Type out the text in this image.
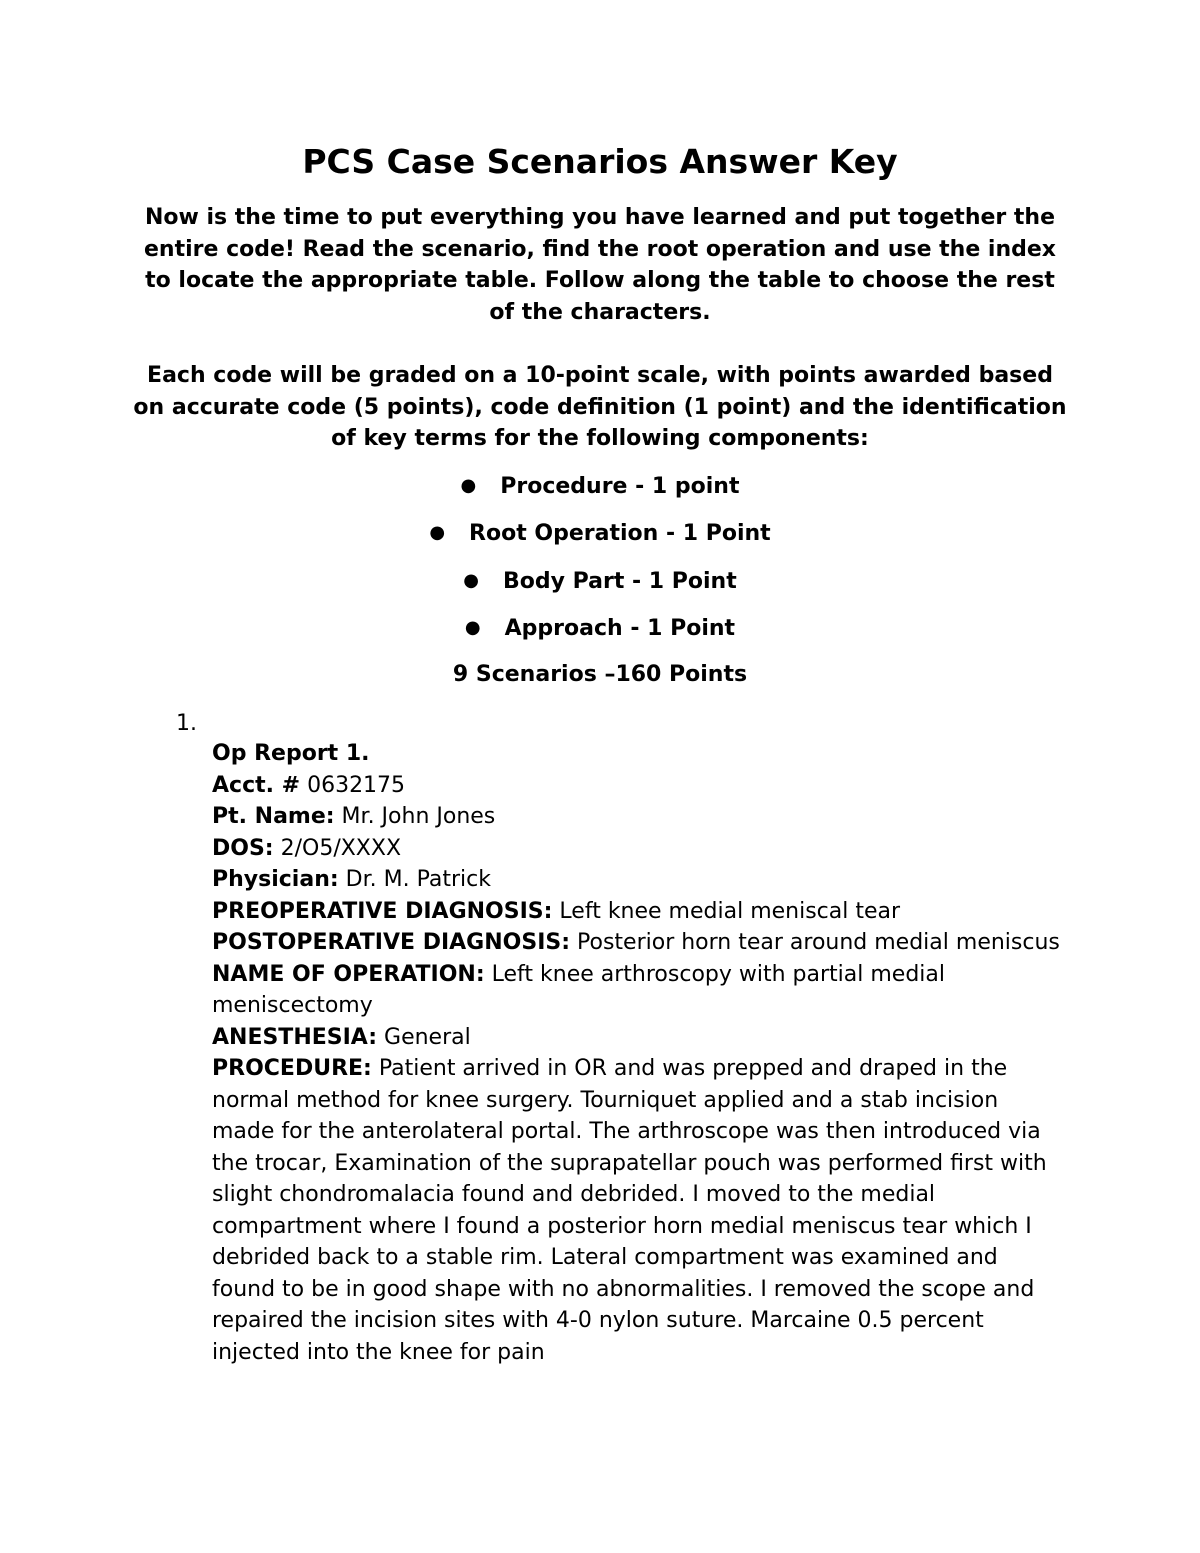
PCS Case Scenarios Answer Key

Now is the time to put everything you have learned and put together the entire code! Read the scenario, find the root operation and use the index to locate the appropriate table. Follow along the table to choose the rest of the characters.

Each code will be graded on a 10-point scale, with points awarded based on accurate code (5 points), code definition (1 point) and the identification of key terms for the following components:

● Procedure - 1 point
● Root Operation - 1 Point
● Body Part - 1 Point
● Approach - 1 Point

9 Scenarios –160 Points

1.

Op Report 1.

Acct. # 0632175

Pt. Name: Mr. John Jones

DOS: 2/O5/XXXX

Physician: Dr. M. Patrick

PREOPERATIVE DIAGNOSIS: Left knee medial meniscal tear

POSTOPERATIVE DIAGNOSIS: Posterior horn tear around medial meniscus

NAME OF OPERATION: Left knee arthroscopy with partial medial meniscectomy

ANESTHESIA: General

PROCEDURE: Patient arrived in OR and was prepped and draped in the normal method for knee surgery. Tourniquet applied and a stab incision made for the anterolateral portal. The arthroscope was then introduced via the trocar, Examination of the suprapatellar pouch was performed first with slight chondromalacia found and debrided. I moved to the medial compartment where I found a posterior horn medial meniscus tear which I debrided back to a stable rim. Lateral compartment was examined and found to be in good shape with no abnormalities. I removed the scope and repaired the incision sites with 4-0 nylon suture. Marcaine 0.5 percent injected into the knee for pain
